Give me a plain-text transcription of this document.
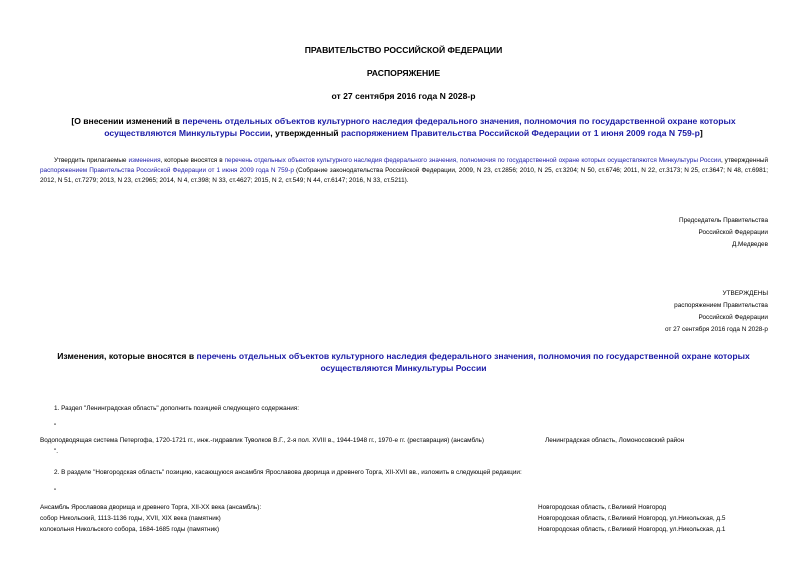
ПРАВИТЕЛЬСТВО РОССИЙСКОЙ ФЕДЕРАЦИИ
РАСПОРЯЖЕНИЕ
от 27 сентября 2016 года N 2028-р
[О внесении изменений в перечень отдельных объектов культурного наследия федерального значения, полномочия по государственной охране которых осуществляются Минкультуры России, утвержденный распоряжением Правительства Российской Федерации от 1 июня 2009 года N 759-р]
Утвердить прилагаемые изменения, которые вносятся в перечень отдельных объектов культурного наследия федерального значения, полномочия по государственной охране которых осуществляются Минкультуры России, утвержденный распоряжением Правительства Российской Федерации от 1 июня 2009 года N 759-р (Собрание законодательства Российской Федерации, 2009, N 23, ст.2856; 2010, N 25, ст.3204; N 50, ст.6746; 2011, N 22, ст.3173; N 25, ст.3647; N 48, ст.6981; 2012, N 51, ст.7279; 2013, N 23, ст.2965; 2014, N 4, ст.398; N 33, ст.4627; 2015, N 2, ст.549; N 44, ст.6147; 2016, N 33, ст.5211).
Председатель Правительства
Российской Федерации
Д.Медведев
УТВЕРЖДЕНЫ
распоряжением Правительства
Российской Федерации
от 27 сентября 2016 года N 2028-р
Изменения, которые вносятся в перечень отдельных объектов культурного наследия федерального значения, полномочия по государственной охране которых осуществляются Минкультуры России
1. Раздел "Ленинградская область" дополнить позицией следующего содержания:
"
Водоподводящая система Петергофа, 1720-1721 гг., инж.-гидравлик Туволков В.Г., 2-я пол. XVIII в., 1944-1948 гг., 1970-е гг. (реставрация) (ансамбль)	Ленинградская область, Ломоносовский район
".
2. В разделе "Новгородская область" позицию, касающуюся ансамбля Ярославова дворища и древнего Торга, XII-XVII вв., изложить в следующей редакции:
"
Ансамбль Ярославова дворища и древнего Торга, XII-XX века (ансамбль):	Новгородская область, г.Великий Новгород
собор Никольский, 1113-1136 годы, XVII, XIX века (памятник)	Новгородская область, г.Великий Новгород, ул.Никольская, д.5
колокольня Никольского собора, 1684-1685 годы (памятник)	Новгородская область, г.Великий Новгород, ул.Никольская, д.1
